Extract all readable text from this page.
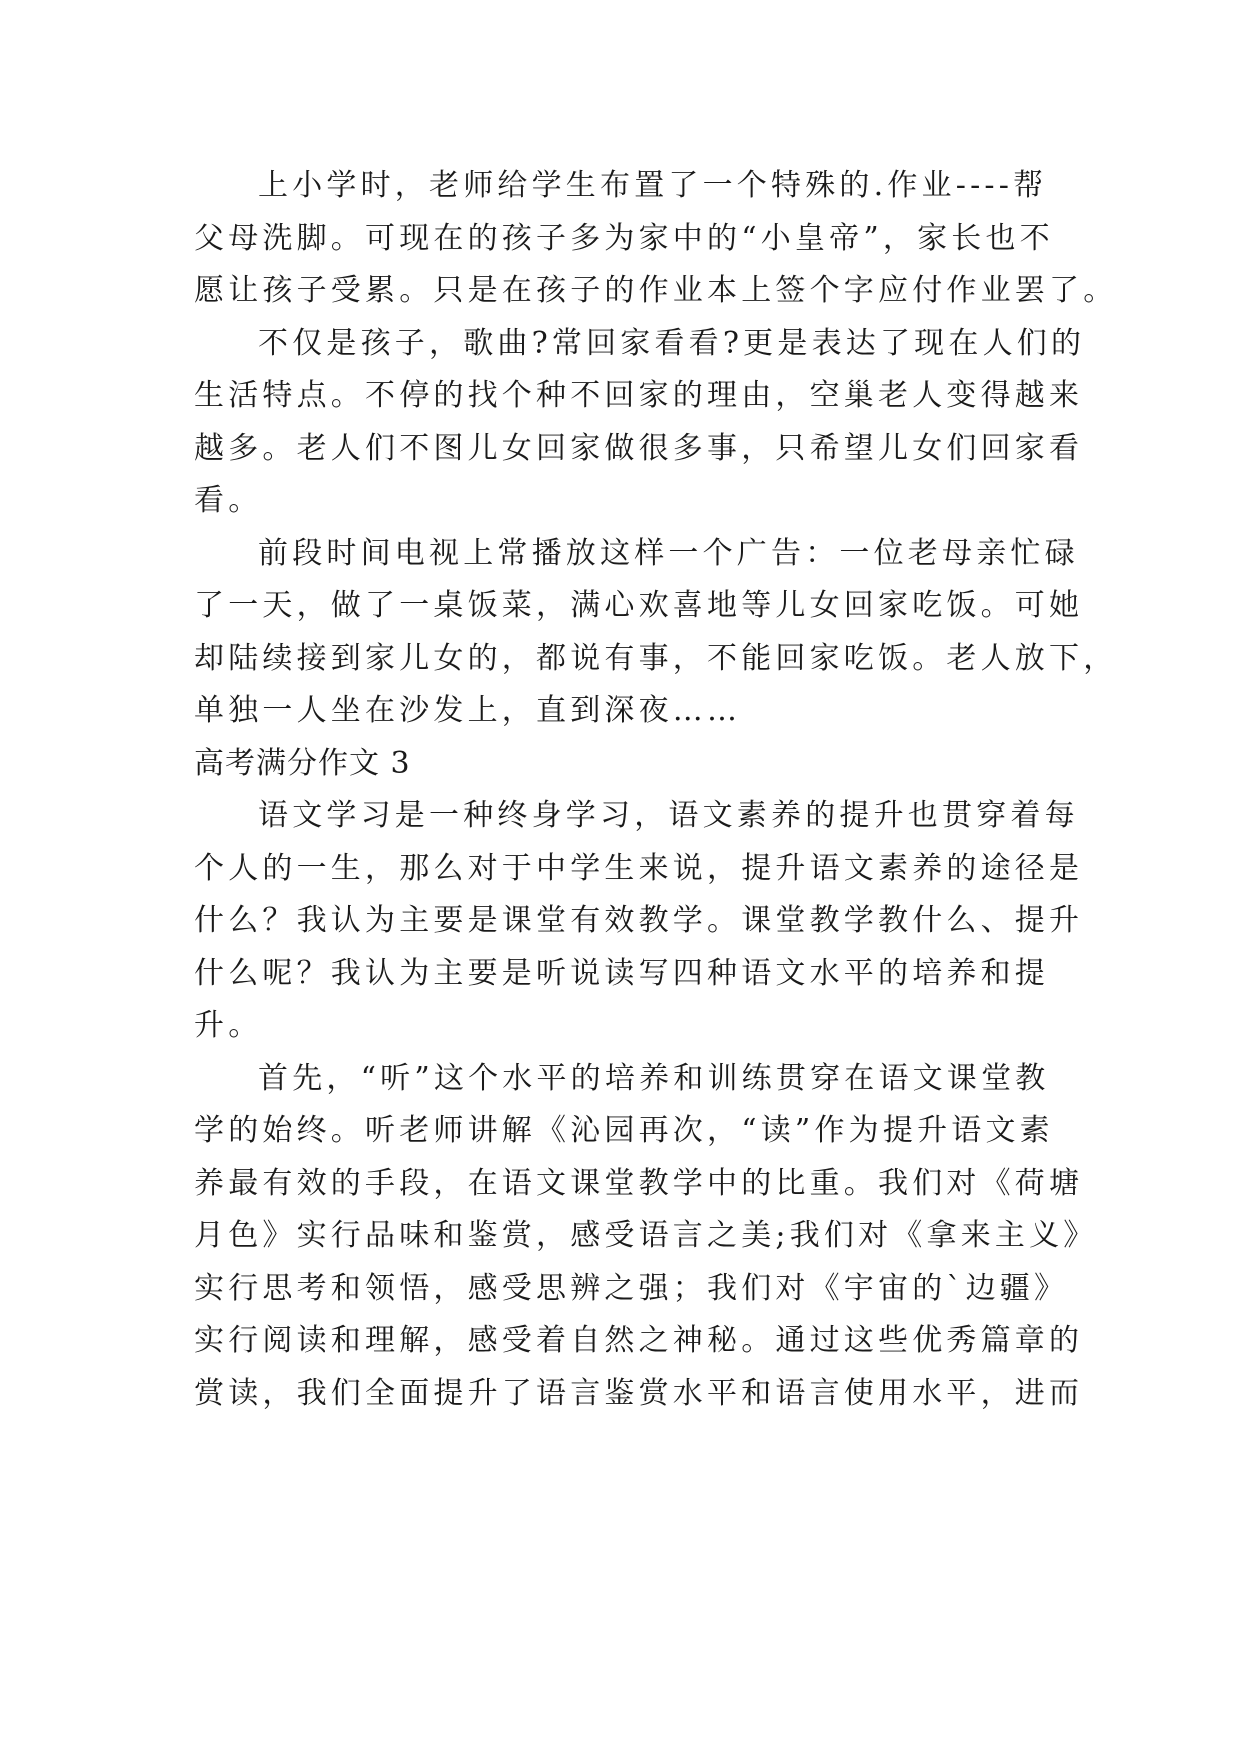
上小学时，老师给学生布置了一个特殊的.作业----帮
父母洗脚。可现在的孩子多为家中的“小皇帝”，家长也不
愿让孩子受累。只是在孩子的作业本上签个字应付作业罢了。
不仅是孩子，歌曲?常回家看看?更是表达了现在人们的
生活特点。不停的找个种不回家的理由，空巢老人变得越来
越多。老人们不图儿女回家做很多事，只希望儿女们回家看
看。
前段时间电视上常播放这样一个广告：一位老母亲忙碌
了一天，做了一桌饭菜，满心欢喜地等儿女回家吃饭。可她
却陆续接到家儿女的，都说有事，不能回家吃饭。老人放下，
单独一人坐在沙发上，直到深夜……
高考满分作文 3
语文学习是一种终身学习，语文素养的提升也贯穿着每
个人的一生，那么对于中学生来说，提升语文素养的途径是
什么？我认为主要是课堂有效教学。课堂教学教什么、提升
什么呢？我认为主要是听说读写四种语文水平的培养和提
升。
首先，“听”这个水平的培养和训练贯穿在语文课堂教
学的始终。听老师讲解《沁园再次，“读”作为提升语文素
养最有效的手段，在语文课堂教学中的比重。我们对《荷塘
月色》实行品味和鉴赏，感受语言之美;我们对《拿来主义》
实行思考和领悟，感受思辨之强；我们对《宇宙的`边疆》
实行阅读和理解，感受着自然之神秘。通过这些优秀篇章的
赏读，我们全面提升了语言鉴赏水平和语言使用水平，进而
